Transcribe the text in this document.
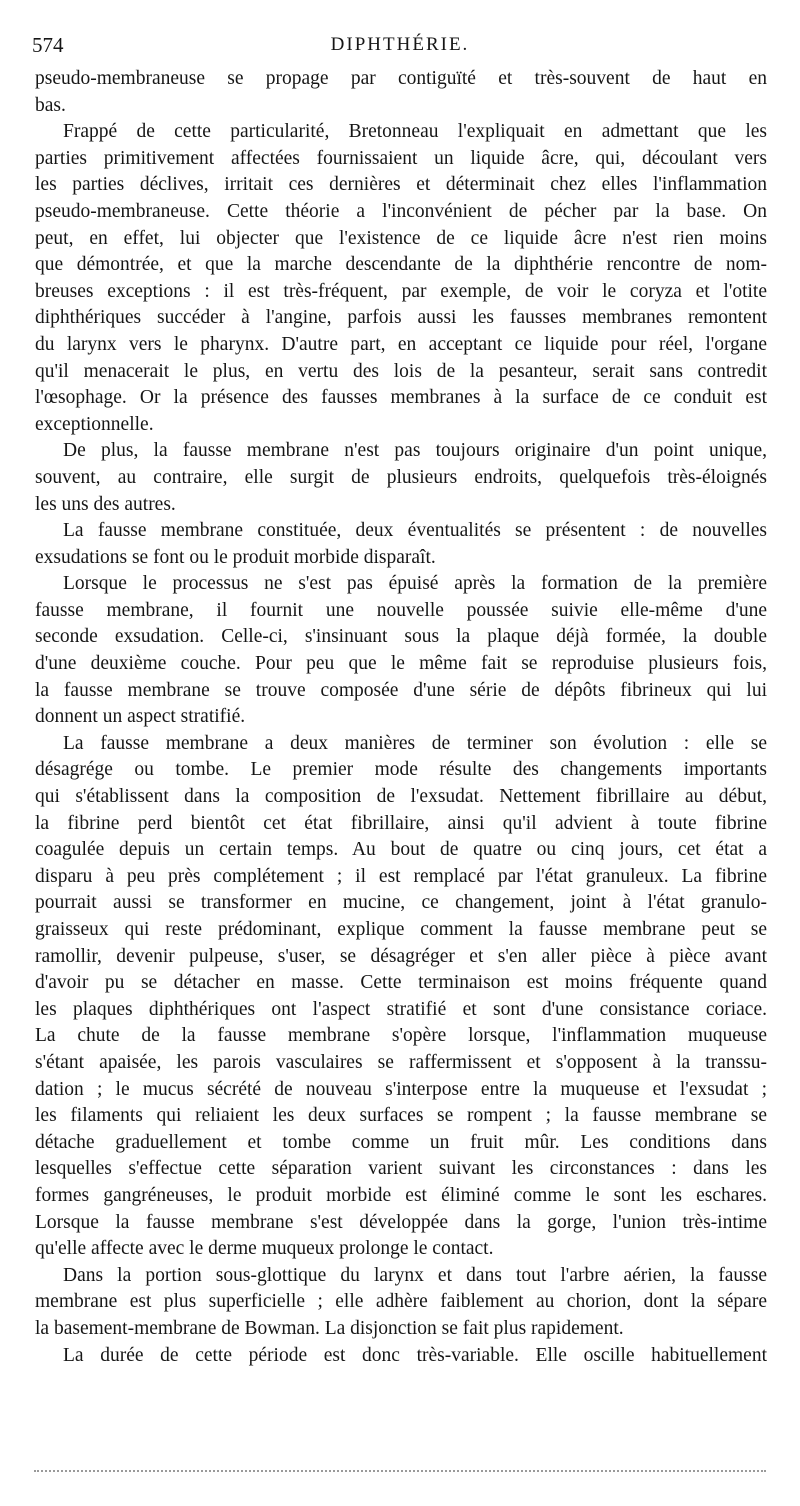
574	DIPHTHÉRIE.
pseudo-membraneuse se propage par contiguïté et très-souvent de haut en
bas.
Frappé de cette particularité, Bretonneau l'expliquait en admettant que les
parties primitivement affectées fournissaient un liquide âcre, qui, découlant vers
les parties déclives, irritait ces dernières et déterminait chez elles l'inflammation
pseudo-membraneuse. Cette théorie a l'inconvénient de pécher par la base. On
peut, en effet, lui objecter que l'existence de ce liquide âcre n'est rien moins
que démontrée, et que la marche descendante de la diphthérie rencontre de nom-
breuses exceptions : il est très-fréquent, par exemple, de voir le coryza et l'otite
diphthériques succéder à l'angine, parfois aussi les fausses membranes remontent
du larynx vers le pharynx. D'autre part, en acceptant ce liquide pour réel, l'organe
qu'il menacerait le plus, en vertu des lois de la pesanteur, serait sans contredit
l'œsophage. Or la présence des fausses membranes à la surface de ce conduit est
exceptionnelle.
De plus, la fausse membrane n'est pas toujours originaire d'un point unique,
souvent, au contraire, elle surgit de plusieurs endroits, quelquefois très-éloignés
les uns des autres.
La fausse membrane constituée, deux éventualités se présentent : de nouvelles
exsudations se font ou le produit morbide disparaît.
Lorsque le processus ne s'est pas épuisé après la formation de la première
fausse membrane, il fournit une nouvelle poussée suivie elle-même d'une
seconde exsudation. Celle-ci, s'insinuant sous la plaque déjà formée, la double
d'une deuxième couche. Pour peu que le même fait se reproduise plusieurs fois,
la fausse membrane se trouve composée d'une série de dépôts fibrineux qui lui
donnent un aspect stratifié.
La fausse membrane a deux manières de terminer son évolution : elle se
désagrége ou tombe. Le premier mode résulte des changements importants
qui s'établissent dans la composition de l'exsudat. Nettement fibrillaire au début,
la fibrine perd bientôt cet état fibrillaire, ainsi qu'il advient à toute fibrine
coagulée depuis un certain temps. Au bout de quatre ou cinq jours, cet état a
disparu à peu près complétement ; il est remplacé par l'état granuleux. La fibrine
pourrait aussi se transformer en mucine, ce changement, joint à l'état granulo-
graisseux qui reste prédominant, explique comment la fausse membrane peut se
ramollir, devenir pulpeuse, s'user, se désagréger et s'en aller pièce à pièce avant
d'avoir pu se détacher en masse. Cette terminaison est moins fréquente quand
les plaques diphthériques ont l'aspect stratifié et sont d'une consistance coriace.
La chute de la fausse membrane s'opère lorsque, l'inflammation muqueuse
s'étant apaisée, les parois vasculaires se raffermissent et s'opposent à la transsu-
dation ; le mucus sécrété de nouveau s'interpose entre la muqueuse et l'exsudat ;
les filaments qui reliaient les deux surfaces se rompent ; la fausse membrane se
détache graduellement et tombe comme un fruit mûr. Les conditions dans
lesquelles s'effectue cette séparation varient suivant les circonstances : dans les
formes gangréneuses, le produit morbide est éliminé comme le sont les eschares.
Lorsque la fausse membrane s'est développée dans la gorge, l'union très-intime
qu'elle affecte avec le derme muqueux prolonge le contact.
Dans la portion sous-glottique du larynx et dans tout l'arbre aérien, la fausse
membrane est plus superficielle ; elle adhère faiblement au chorion, dont la sépare
la basement-membrane de Bowman. La disjonction se fait plus rapidement.
La durée de cette période est donc très-variable. Elle oscille habituellement
